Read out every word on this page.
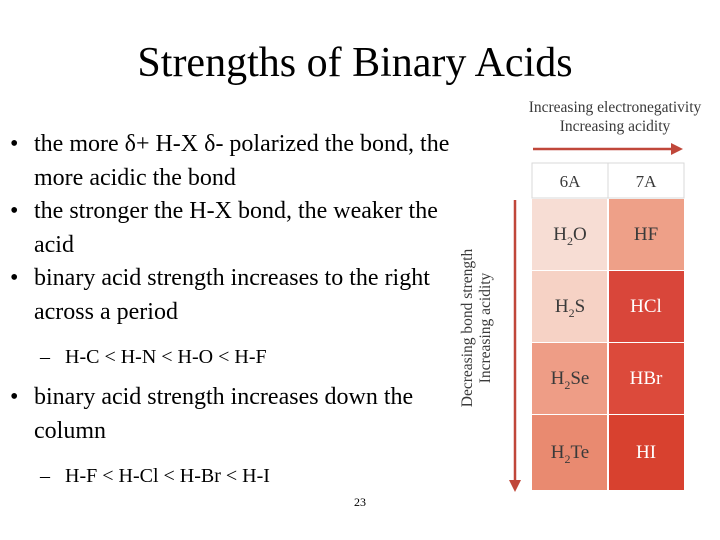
Strengths of Binary Acids
• the more δ+ H-X δ- polarized the bond, the more acidic the bond
• the stronger the H-X bond, the weaker the acid
• binary acid strength increases to the right across a period
– H-C < H-N < H-O < H-F
• binary acid strength increases down the column
– H-F < H-Cl < H-Br < H-I
23
Increasing electronegativity
Increasing acidity
Decreasing bond strength Increasing acidity
6A	7A
$H_2O$ HF
$H_2S$ HCl
$H_2Se$ HBr
$H_2Te$ HI
